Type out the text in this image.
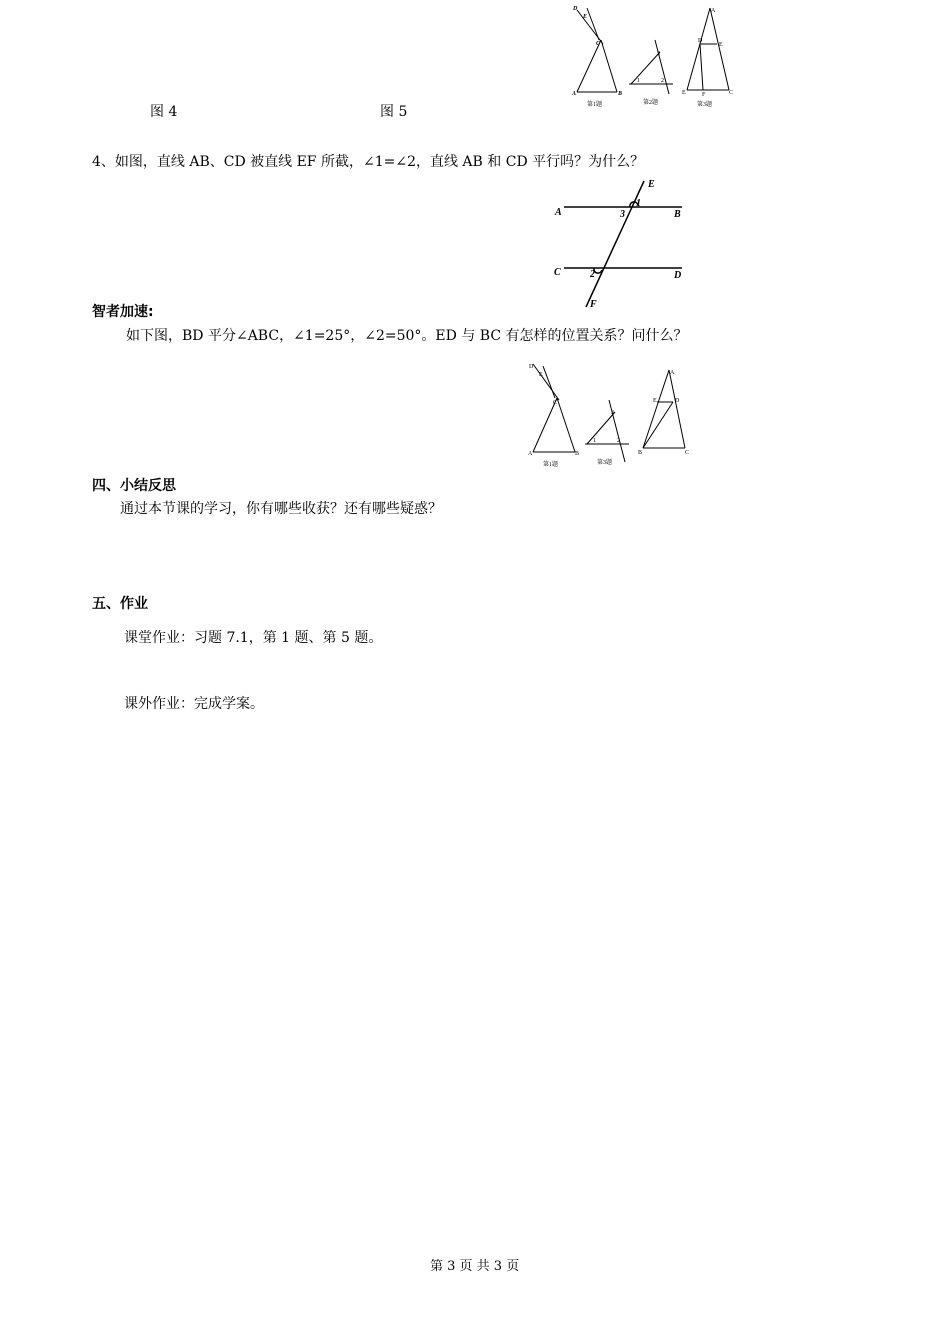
D
E
C
A	B
第1题
3
1	2
第2题
A
D
E
E	F	C
第3题
图 4	图 5
4、如图，直线 AB、CD 被直线 EF 所截，∠1=∠2，直线 AB 和 CD 平行吗？为什么？
E
A	B
C	D
F
1
2
3
智者加速:
如下图，BD 平分∠ABC，∠1=25°，∠2=50°。ED 与 BC 有怎样的位置关系？问什么？
D
E
C
A	B
第1题
3
1	2
第3题
A
E	D
B	C
四、小结反思
通过本节课的学习，你有哪些收获？还有哪些疑惑？
五、作业
课堂作业：习题 7.1，第 1 题、第 5 题。
课外作业：完成学案。
第 3 页 共 3 页
